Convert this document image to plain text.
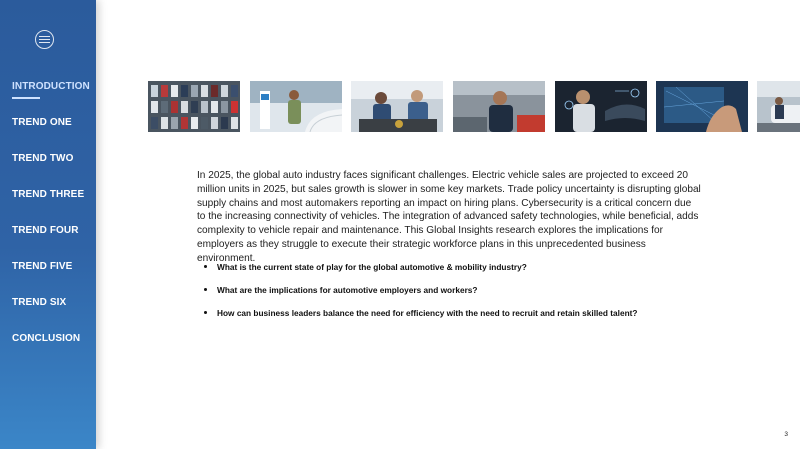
INTRODUCTION
TREND ONE
TREND TWO
TREND THREE
TREND FOUR
TREND FIVE
TREND SIX
CONCLUSION

In 2025, the global auto industry faces significant challenges. Electric vehicle sales are projected to exceed 20 million units in 2025, but sales growth is slower in some key markets. Trade policy uncertainty is disrupting global supply chains and most automakers reporting an impact on hiring plans. Cybersecurity is a critical concern due to the increasing connectivity of vehicles. The integration of advanced safety technologies, while beneficial, adds complexity to vehicle repair and maintenance. This Global Insights research explores the implications for employers as they struggle to execute their strategic workforce plans in this unprecedented business environment.

What is the current state of play for the global automotive & mobility industry?
What are the implications for automotive employers and workers?
How can business leaders balance the need for efficiency with the need to recruit and retain skilled talent?
3
